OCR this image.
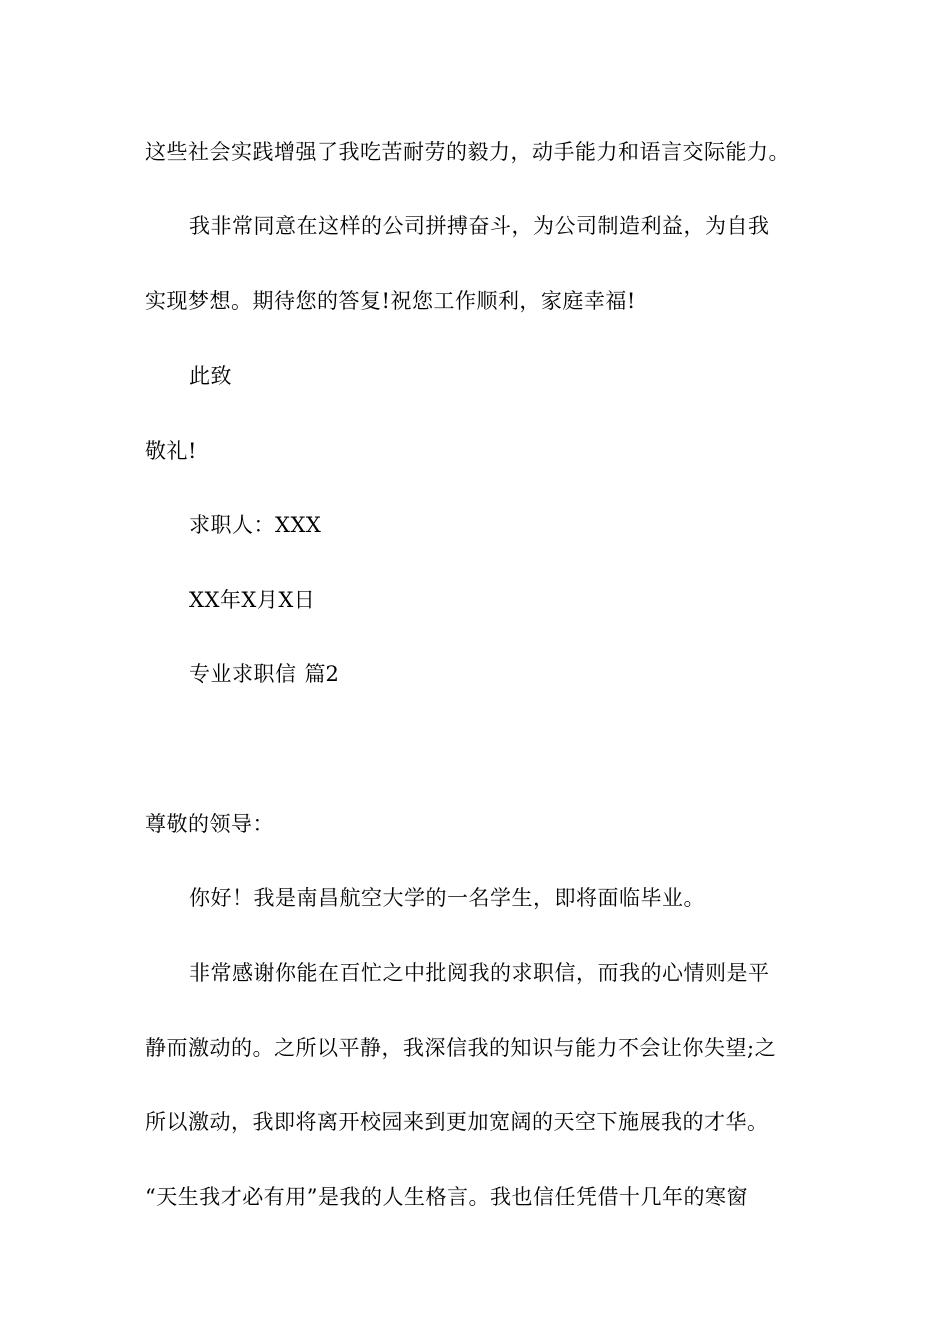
这些社会实践增强了我吃苦耐劳的毅力，动手能力和语言交际能力。
我非常同意在这样的公司拼搏奋斗，为公司制造利益，为自我
实现梦想。期待您的答复!祝您工作顺利，家庭幸福!
此致
敬礼!
求职人：XXX
XX年X月X日
专业求职信 篇2
尊敬的领导：
你好！我是南昌航空大学的一名学生，即将面临毕业。
非常感谢你能在百忙之中批阅我的求职信，而我的心情则是平
静而激动的。之所以平静，我深信我的知识与能力不会让你失望;之
所以激动，我即将离开校园来到更加宽阔的天空下施展我的才华。
“天生我才必有用”是我的人生格言。我也信任凭借十几年的寒窗
